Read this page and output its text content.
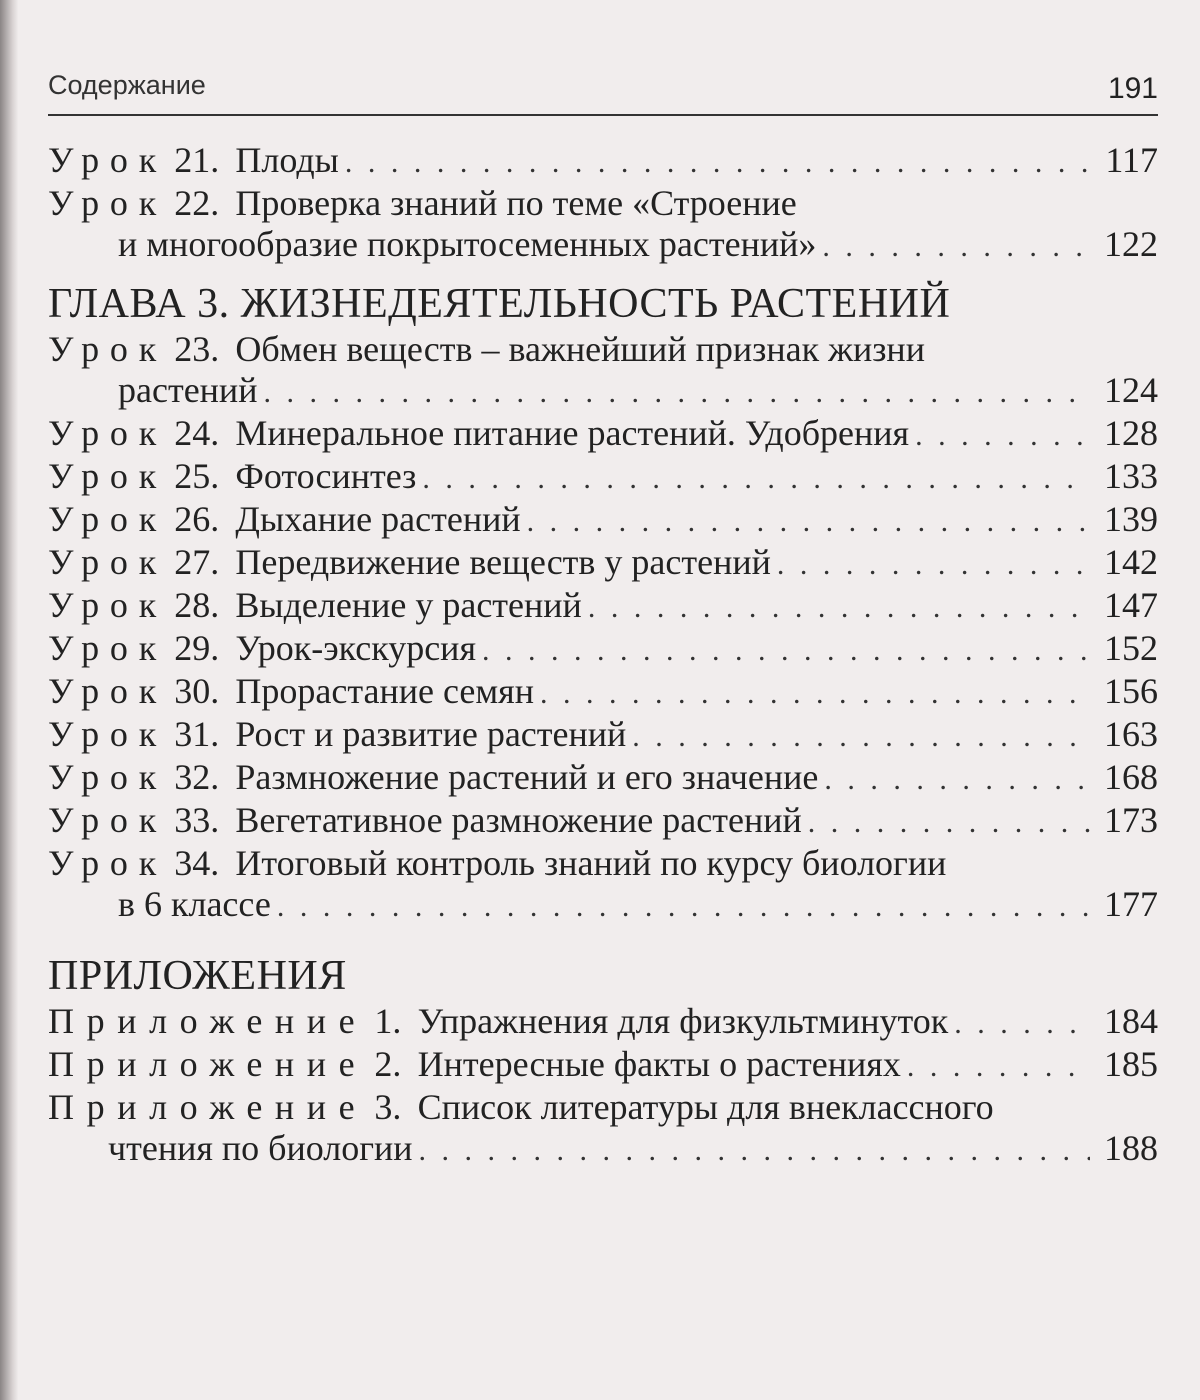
Содержание	191
Урок 21. Плоды . . .	117
Урок 22. Проверка знаний по теме «Строение
и многообразие покрытосеменных растений» . . .	122
ГЛАВА 3. ЖИЗНЕДЕЯТЕЛЬНОСТЬ РАСТЕНИЙ
Урок 23. Обмен веществ – важнейший признак жизни
растений . . .	124
Урок 24. Минеральное питание растений. Удобрения . . .	128
Урок 25. Фотосинтез . . .	133
Урок 26. Дыхание растений . . .	139
Урок 27. Передвижение веществ у растений . . .	142
Урок 28. Выделение у растений . . .	147
Урок 29. Урок-экскурсия . . .	152
Урок 30. Прорастание семян . . .	156
Урок 31. Рост и развитие растений . . .	163
Урок 32. Размножение растений и его значение . . .	168
Урок 33. Вегетативное размножение растений . . .	173
Урок 34. Итоговый контроль знаний по курсу биологии
в 6 классе . . .	177
ПРИЛОЖЕНИЯ
Приложение 1. Упражнения для физкультминуток . . .	184
Приложение 2. Интересные факты о растениях . . .	185
Приложение 3. Список литературы для внеклассного
чтения по биологии . . .	188
